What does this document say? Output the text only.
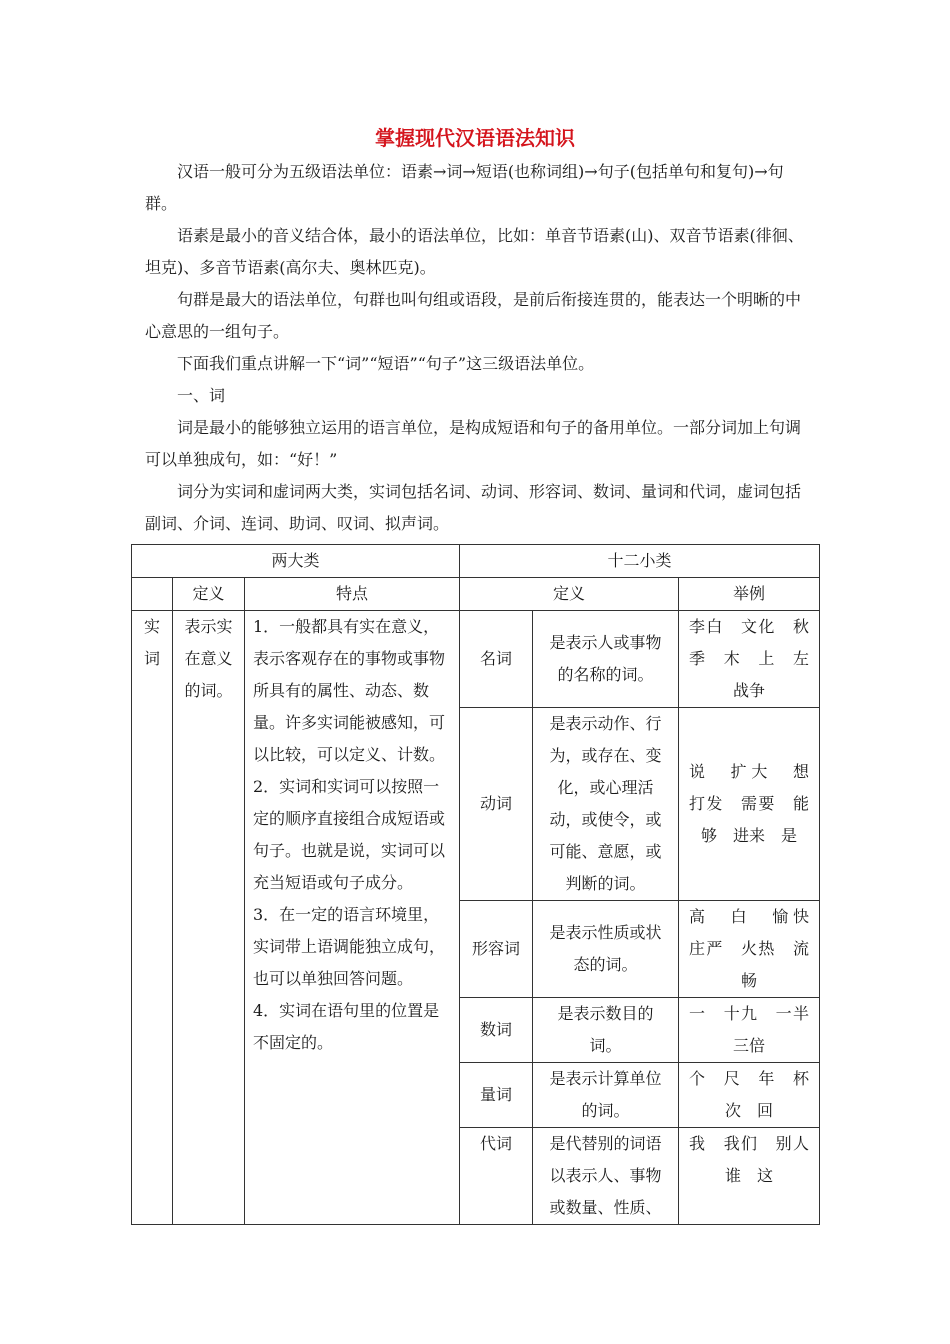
掌握现代汉语语法知识

汉语一般可分为五级语法单位：语素→词→短语(也称词组)→句子(包括单句和复句)→句群。

语素是最小的音义结合体，最小的语法单位，比如：单音节语素(山)、双音节语素(徘徊、坦克)、多音节语素(高尔夫、奥林匹克)。

句群是最大的语法单位，句群也叫句组或语段，是前后衔接连贯的，能表达一个明晰的中心意思的一组句子。

下面我们重点讲解一下“词”“短语”“句子”这三级语法单位。

一、词

词是最小的能够独立运用的语言单位，是构成短语和句子的备用单位。一部分词加上句调可以单独成句，如：“好！”

词分为实词和虚词两大类，实词包括名词、动词、形容词、数词、量词和代词，虚词包括副词、介词、连词、助词、叹词、拟声词。

两大类			十二小类		
	定义	特点	定义		举例

实词	表示实在意义的词。	1．一般都具有实在意义，表示客观存在的事物或事物所具有的属性、动态、数量。许多实词能被感知，可以比较，可以定义、计数。
2．实词和实词可以按照一定的顺序直接组合成短语或句子。也就是说，实词可以充当短语或句子成分。
3．在一定的语言环境里，实词带上语调能独立成句，也可以单独回答问题。
4．实词在语句里的位置是不固定的。	名词	是表示人或事物的名称的词。	李白　文化　秋季　木　上　左　战争

			动词	是表示动作、行为，或存在、变化，或心理活动，或使令，或可能、意愿，或判断的词。	说　扩大　想　打发　需要　能够　进来　是

			形容词	是表示性质或状态的词。	高　白　愉快　庄严　火热　流畅

			数词	是表示数目的词。	一　十九　一半　三倍

			量词	是表示计算单位的词。	个　尺　年　杯　次　回

			代词	是代替别的词语以表示人、事物或数量、性质、	我　我们　别人　谁　这
